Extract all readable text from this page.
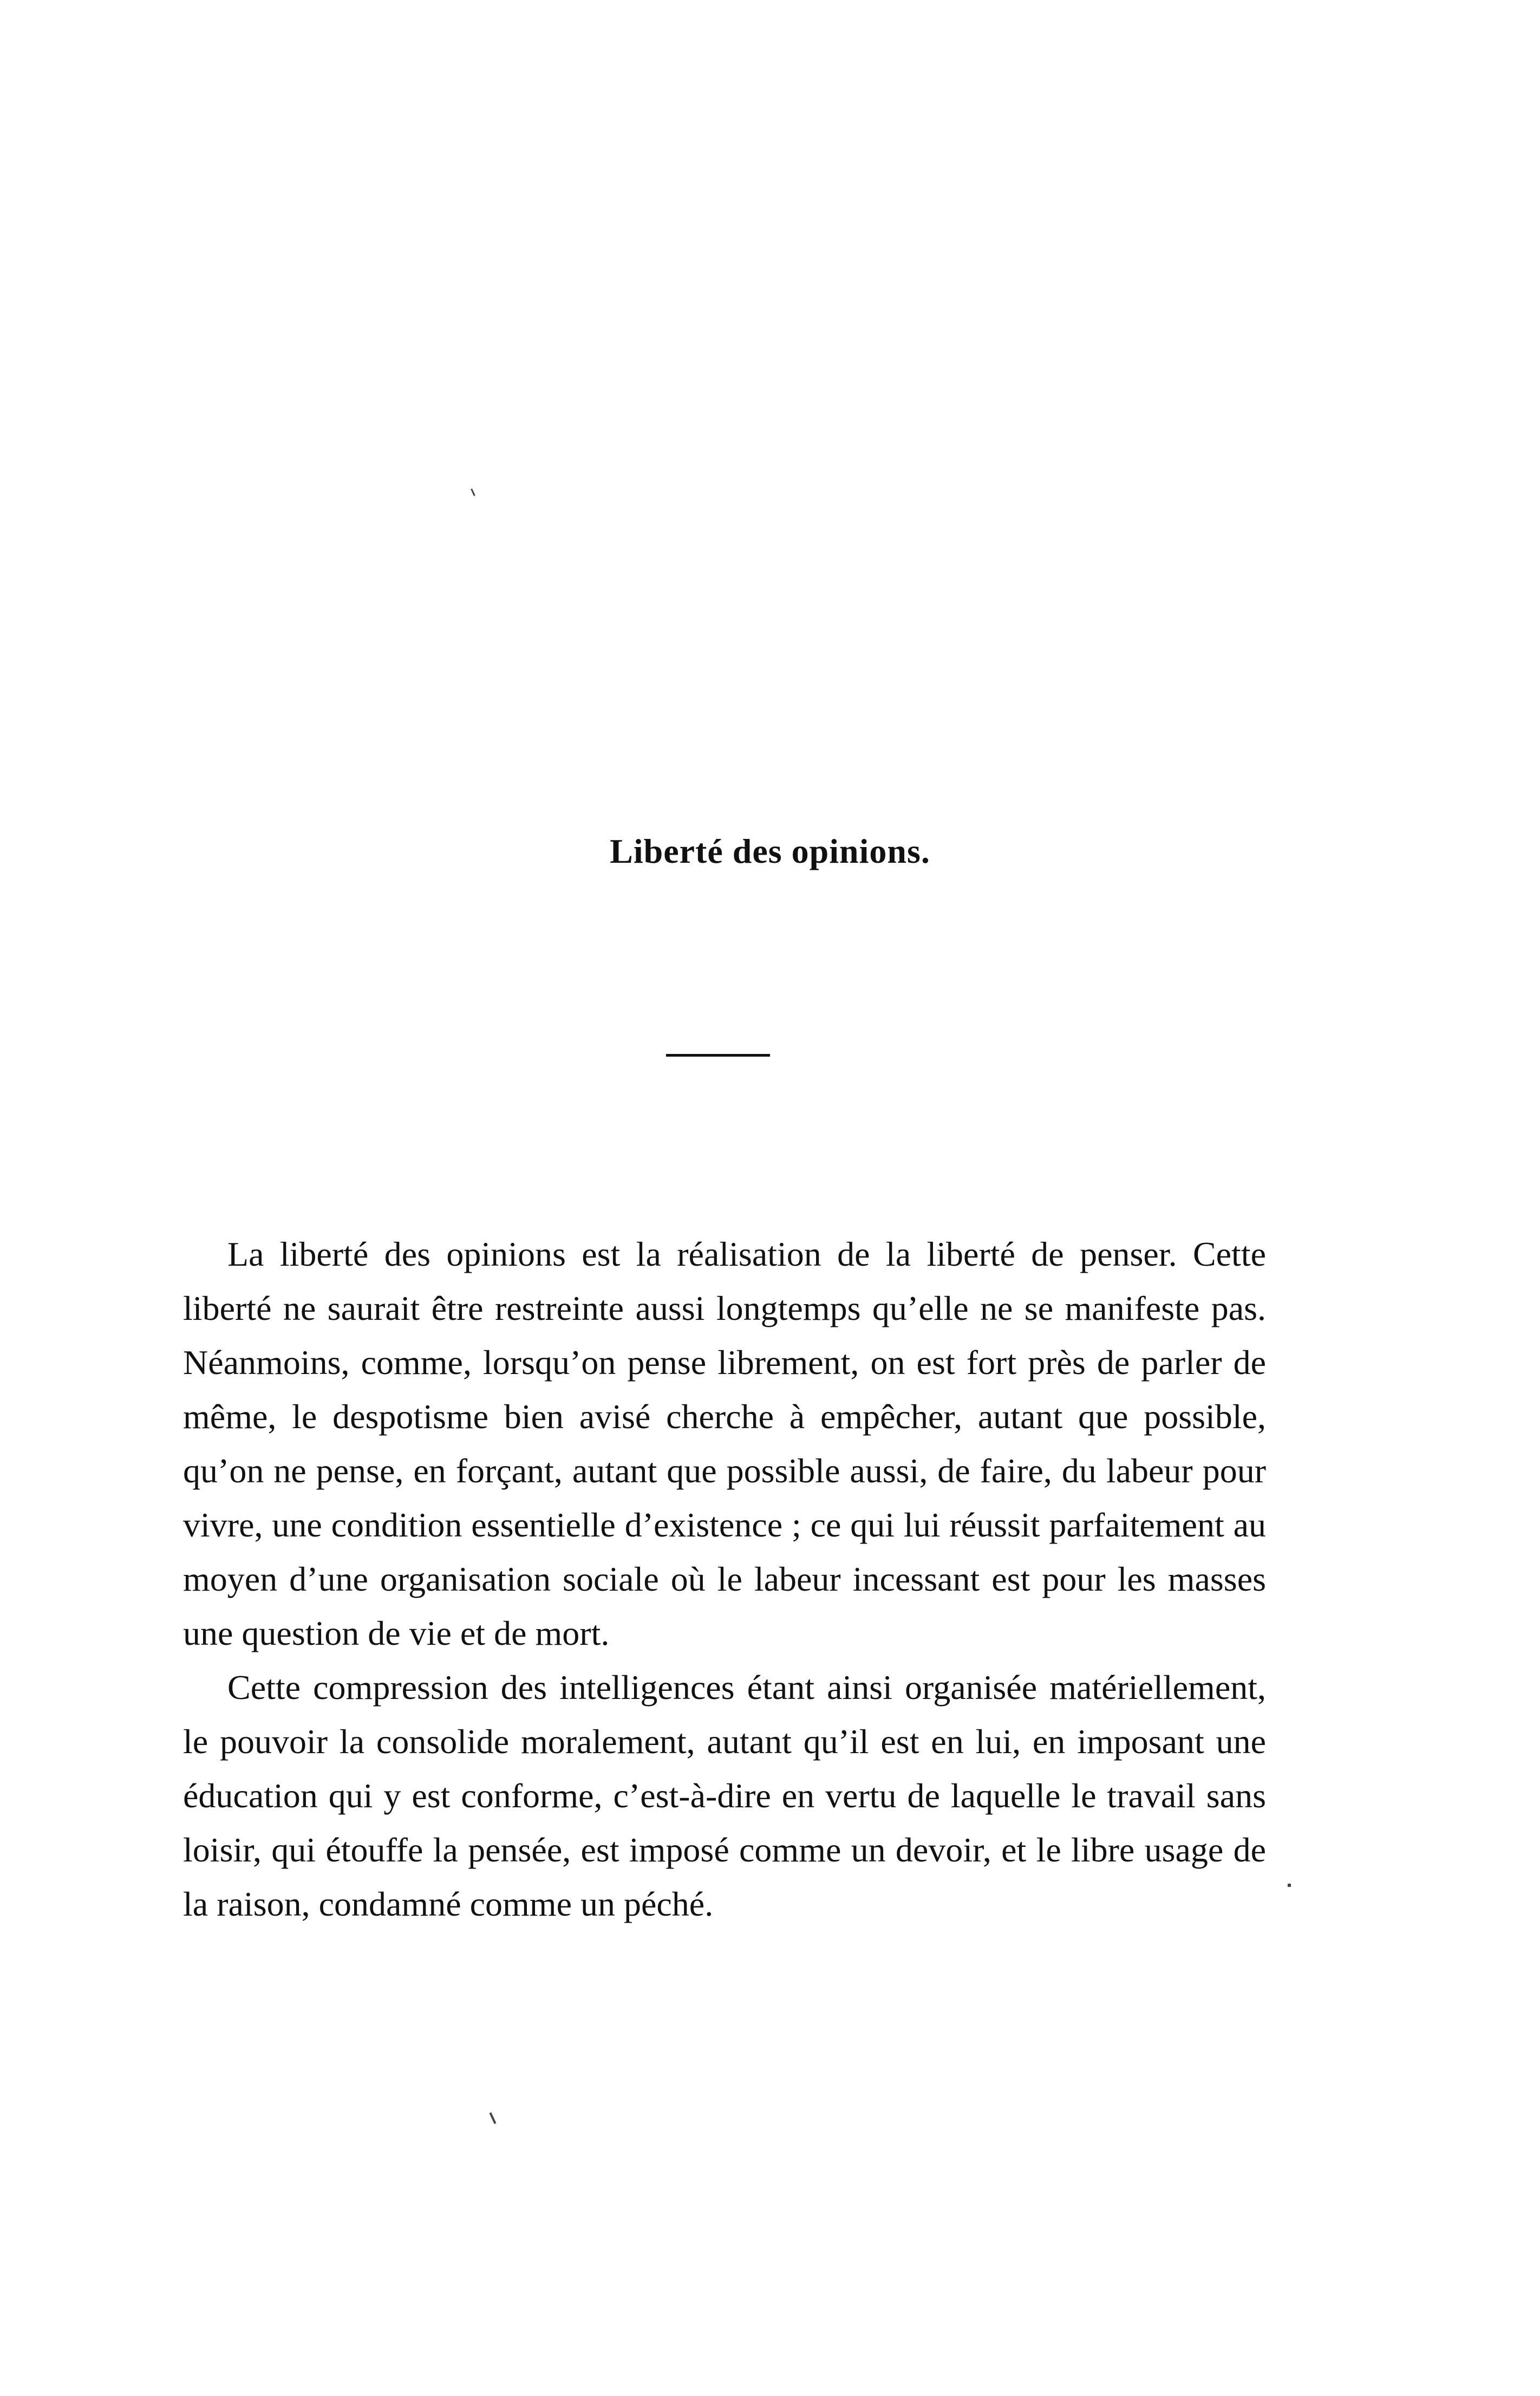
Liberté des opinions.

La liberté des opinions est la réalisation de la liberté de penser. Cette liberté ne saurait être restreinte aussi longtemps qu’elle ne se manifeste pas. Néanmoins, comme, lorsqu’on pense librement, on est fort près de parler de même, le despotisme bien avisé cherche à empêcher, autant que possible, qu’on ne pense, en forçant, autant que possible aussi, de faire, du labeur pour vivre, une condition essentielle d’existence ; ce qui lui réussit parfaitement au moyen d’une organisation sociale où le labeur incessant est pour les masses une question de vie et de mort.

Cette compression des intelligences étant ainsi organisée matériellement, le pouvoir la consolide moralement, autant qu’il est en lui, en imposant une éducation qui y est conforme, c’est-à-dire en vertu de laquelle le travail sans loisir, qui étouffe la pensée, est imposé comme un devoir, et le libre usage de la raison, condamné comme un péché.
